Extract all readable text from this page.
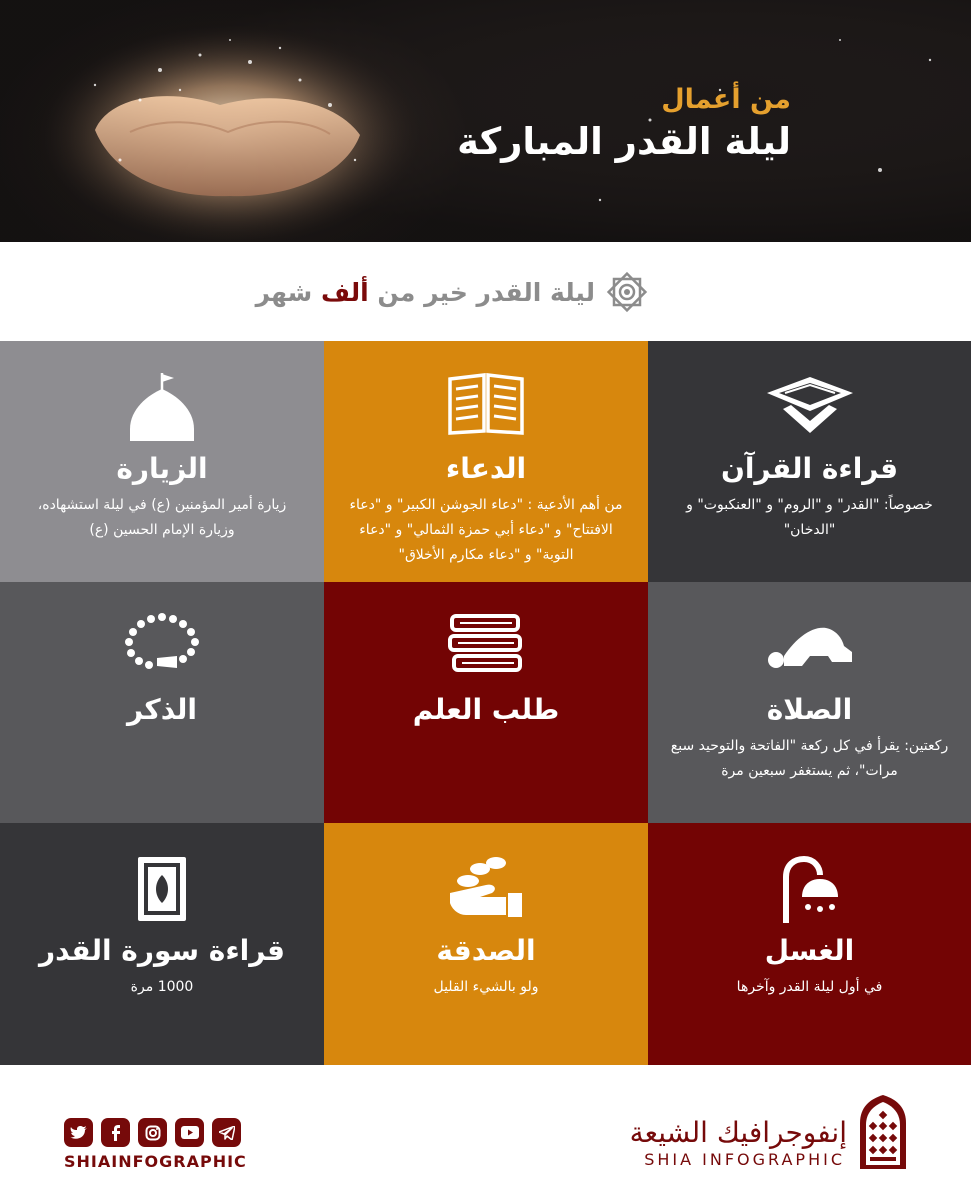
من أعمال
ليلة القدر المباركة
ليلة القدر خير من ألف شهر
الزيارة
زيارة أمير المؤمنين (ع) في ليلة استشهاده، وزيارة الإمام الحسين (ع)
الدعاء
من أهم الأدعية : "دعاء الجوشن الكبير" و "دعاء الافتتاح" و "دعاء أبي حمزة الثمالي" و "دعاء التوبة" و "دعاء مكارم الأخلاق"
قراءة القرآن
خصوصاً: "القدر" و "الروم" و "العنكبوت" و "الدخان"
الذكر	طلب العلم	الصلاة
ركعتين: يقرأ في كل ركعة "الفاتحة والتوحيد سبع مرات"، ثم يستغفر سبعين مرة
قراءة سورة القدر
1000 مرة
الصدقة
ولو بالشيء القليل
الغسل
في أول ليلة القدر وآخرها
SHIAINFOGRAPHIC
إنفوجرافيك الشيعة
SHIA INFOGRAPHIC
